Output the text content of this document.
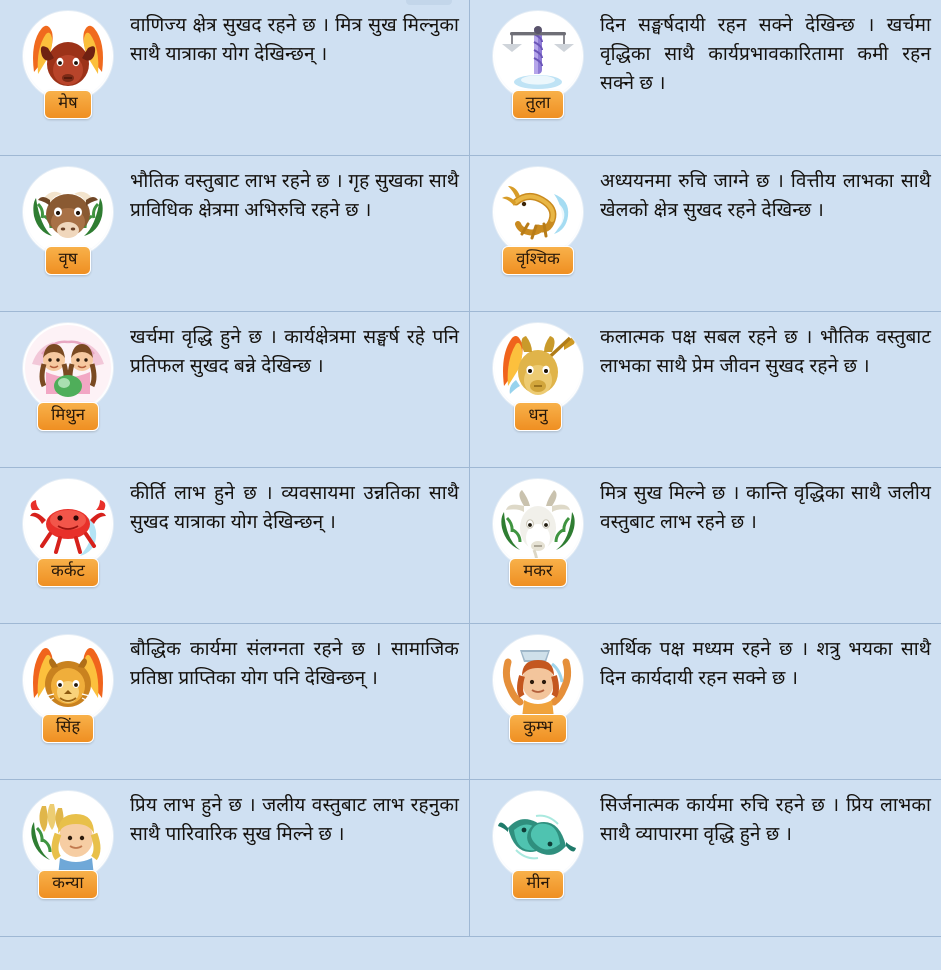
मेष
वाणिज्य क्षेत्र सुखद रहने छ । मित्र सुख मिल्नुका साथै यात्राका योग देखिन्छन् ।
तुला
दिन सङ्घर्षदायी रहन सक्ने देखिन्छ । खर्चमा वृद्धिका साथै कार्यप्रभावकारितामा कमी रहन सक्ने छ ।
वृष
भौतिक वस्तुबाट लाभ रहने छ । गृह सुखका साथै प्राविधिक क्षेत्रमा अभिरुचि रहने छ ।
वृश्चिक
अध्ययनमा रुचि जाग्ने छ । वित्तीय लाभका साथै खेलको क्षेत्र सुखद रहने देखिन्छ ।
मिथुन
खर्चमा वृद्धि हुने छ । कार्यक्षेत्रमा सङ्घर्ष रहे पनि प्रतिफल सुखद बन्ने देखिन्छ ।
धनु
कलात्मक पक्ष सबल रहने छ । भौतिक वस्तुबाट लाभका साथै प्रेम जीवन सुखद रहने छ ।
कर्कट
कीर्ति लाभ हुने छ । व्यवसायमा उन्नतिका साथै सुखद यात्राका योग देखिन्छन् ।
मकर
मित्र सुख मिल्ने छ । कान्ति वृद्धिका साथै जलीय वस्तुबाट लाभ रहने छ ।
सिंह
बौद्धिक कार्यमा संलग्नता रहने छ । सामाजिक प्रतिष्ठा प्राप्तिका योग पनि देखिन्छन् ।
कुम्भ
आर्थिक पक्ष मध्यम रहने छ । शत्रु भयका साथै दिन कार्यदायी रहन सक्ने छ ।
कन्या
प्रिय लाभ हुने छ । जलीय वस्तुबाट लाभ रहनुका साथै पारिवारिक सुख मिल्ने छ ।
मीन
सिर्जनात्मक कार्यमा रुचि रहने छ । प्रिय लाभका साथै व्यापारमा वृद्धि हुने छ ।
